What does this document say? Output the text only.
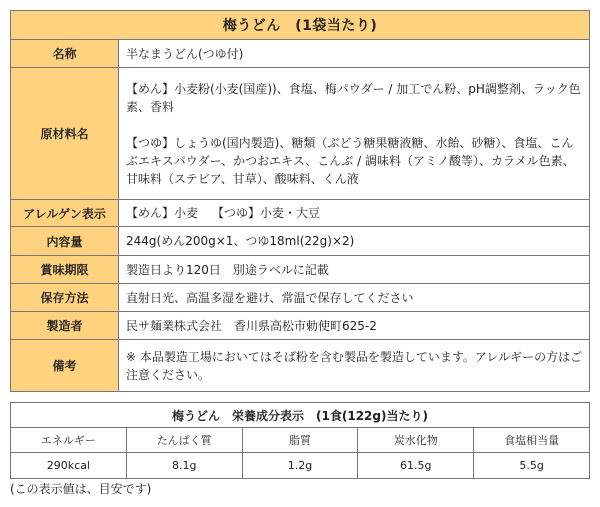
梅うどん　(1袋当たり)	
名称	半なまうどん(つゆ付)
原材料名	【めん】小麦粉(小麦(国産))、食塩、梅パウダー / 加工でん粉、pH調整剤、ラック色素、香料
【つゆ】しょうゆ(国内製造)、糖類（ぶどう糖果糖液糖、水飴、砂糖）、食塩、こんぶエキスパウダー、かつおエキス、こんぶ / 調味料（アミノ酸等）、カラメル色素、甘味料（ステビア、甘草）、酸味料、くん液

アレルゲン表示	【めん】小麦 【つゆ】小麦・大豆
内容量	244g(めん200g×1、つゆ18ml(22g)×2)
賞味期限	製造日より120日　別途ラベルに記載
保存方法	直射日光、高温多湿を避け、常温で保存してください
製造者	民サ麺業株式会社　香川県高松市勅使町625-2
備考	※ 本品製造工場においてはそば粉を含む製品を製造しています。アレルギーの方はご注意ください。
梅うどん　栄養成分表示　(1食(122g)当たり)				
エネルギー	たんぱく質	脂質	炭水化物	食塩相当量
290kcal	8.1g	1.2g	61.5g	5.5g
(この表示値は、目安です)
